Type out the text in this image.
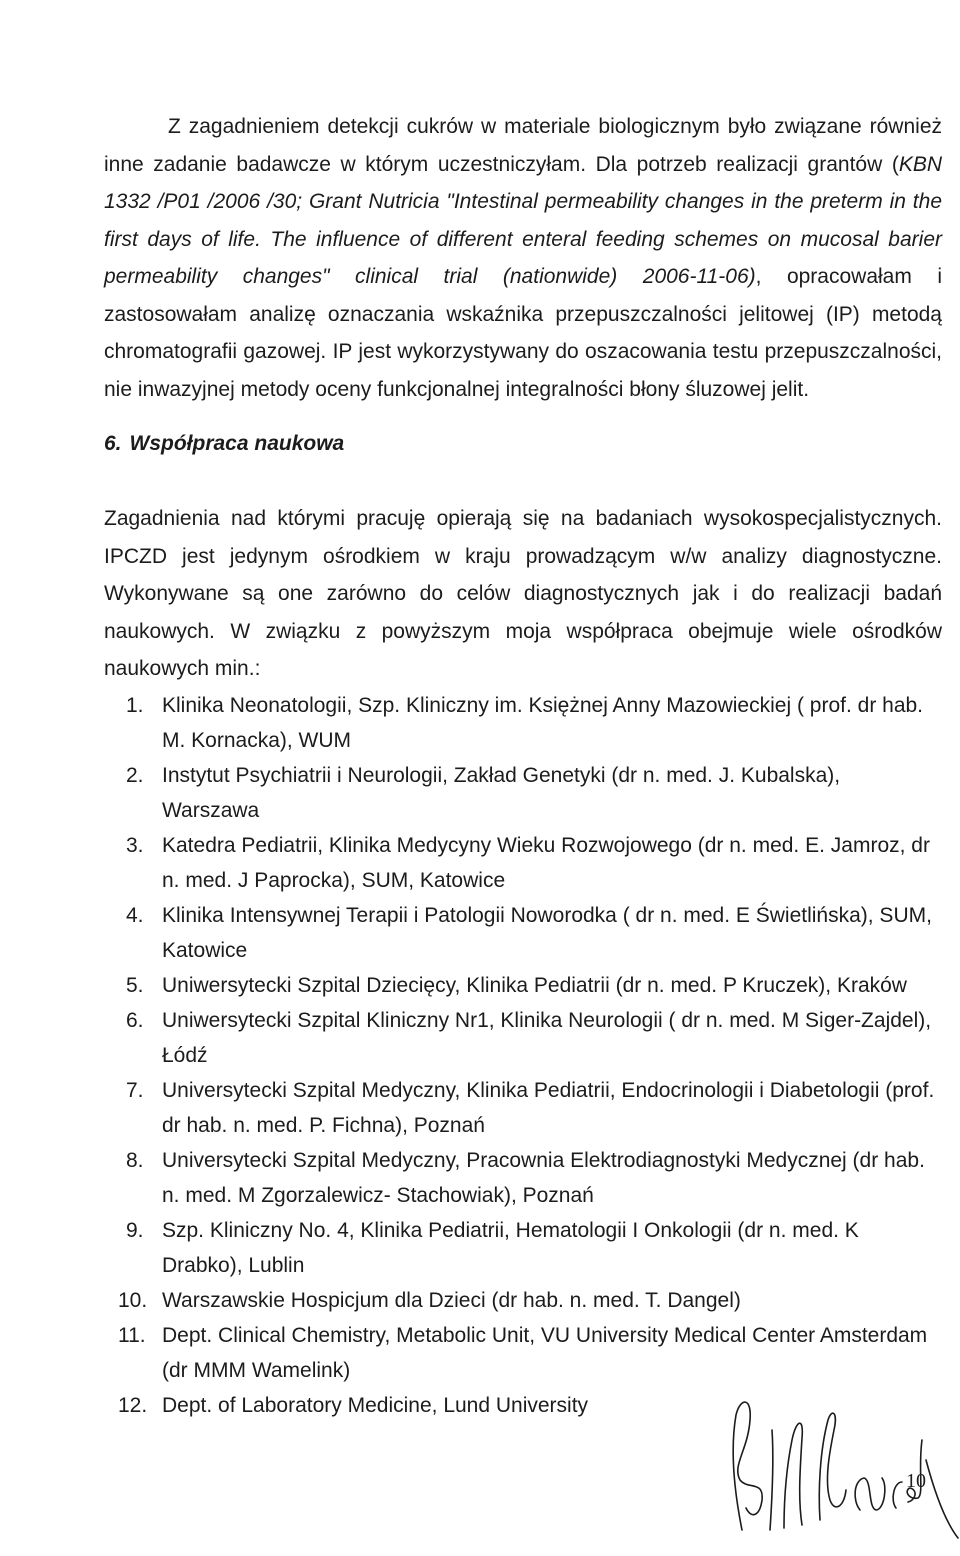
Z zagadnieniem detekcji cukrów w materiale biologicznym było związane również inne zadanie badawcze w którym uczestniczyłam. Dla potrzeb realizacji grantów (KBN 1332 /P01 /2006 /30; Grant Nutricia "Intestinal permeability changes in the preterm in the first days of life. The influence of different enteral feeding schemes on mucosal barier permeability changes" clinical trial (nationwide) 2006-11-06), opracowałam i zastosowałam analizę oznaczania wskaźnika przepuszczalności jelitowej (IP) metodą chromatografii gazowej. IP jest wykorzystywany do oszacowania testu przepuszczalności, nie inwazyjnej metody oceny funkcjonalnej integralności błony śluzowej jelit.

6. Współpraca naukowa

Zagadnienia nad którymi pracuję opierają się na badaniach wysokospecjalistycznych. IPCZD jest jedynym ośrodkiem w kraju prowadzącym w/w analizy diagnostyczne. Wykonywane są one zarówno do celów diagnostycznych jak i do realizacji badań naukowych. W związku z powyższym moja współpraca obejmuje wiele ośrodków naukowych min.:

1. Klinika Neonatologii, Szp. Kliniczny im. Księżnej Anny Mazowieckiej ( prof. dr hab. M. Kornacka), WUM
2. Instytut Psychiatrii i Neurologii, Zakład Genetyki (dr n. med. J. Kubalska), Warszawa
3. Katedra Pediatrii, Klinika Medycyny Wieku Rozwojowego (dr n. med. E. Jamroz, dr n. med. J Paprocka), SUM, Katowice
4. Klinika Intensywnej Terapii i Patologii Noworodka ( dr n. med. E Świetlińska), SUM, Katowice
5. Uniwersytecki Szpital Dziecięcy, Klinika Pediatrii (dr n. med. P Kruczek), Kraków
6. Uniwersytecki Szpital Kliniczny Nr1, Klinika Neurologii ( dr n. med. M Siger-Zajdel), Łódź
7. Universytecki Szpital Medyczny, Klinika Pediatrii, Endocrinologii i Diabetologii (prof. dr hab. n. med. P. Fichna), Poznań
8. Universytecki Szpital Medyczny, Pracownia Elektrodiagnostyki Medycznej (dr hab. n. med. M Zgorzalewicz- Stachowiak), Poznań
9. Szp. Kliniczny No. 4, Klinika Pediatrii, Hematologii I Onkologii (dr n. med. K Drabko), Lublin
10. Warszawskie Hospicjum dla Dzieci (dr hab. n. med. T. Dangel)
11. Dept. Clinical Chemistry, Metabolic Unit, VU University Medical Center Amsterdam (dr MMM Wamelink)
12. Dept. of Laboratory Medicine, Lund University
10
